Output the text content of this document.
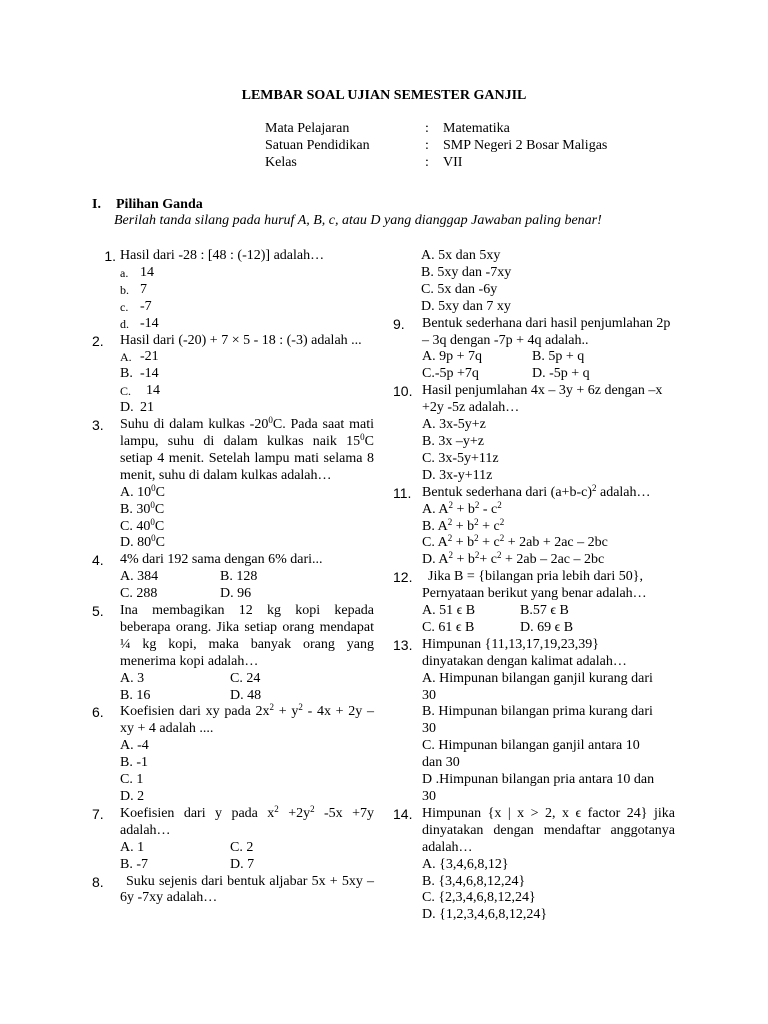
LEMBAR SOAL UJIAN SEMESTER GANJIL
Mata Pelajaran	: Matematika
Satuan Pendidikan	: SMP Negeri 2 Bosar Maligas
Kelas	: VII
I. Pilihan Ganda
Berilah tanda silang pada huruf A, B, c, atau D yang dianggap Jawaban paling benar!
1. Hasil dari -28 : [48 : (-12)] adalah…
a. 14
b. 7
c. -7
d. -14
2.	Hasil dari (-20) + 7 × 5 - 18 : (-3) adalah ...
A. -21
B. -14
C.	14
D. 21
3.	Suhu di dalam kulkas $-20^0C$. Pada saat mati lampu, suhu di dalam kulkas naik $15^0C$ setiap 4 menit. Setelah lampu mati selama 8 menit, suhu di dalam kulkas adalah…
A. $10^0C$
B. $30^0C$
C. $40^0C$
D. $80^0C$
4.	4% dari 192 sama dengan 6% dari...
A. 384	B. 128
C. 288	D. 96
5.	Ina membagikan 12 kg kopi kepada beberapa orang. Jika setiap orang mendapat ¼ kg kopi, maka banyak orang yang menerima kopi adalah…
A. 3	C. 24
B. 16	D. 48
6.	Koefisien dari xy pada $2x^2 + y^2 - 4x + 2y$ – xy + 4 adalah ....
A. -4
B. -1
C. 1
D. 2
7.	Koefisien dari y pada $x^2 +2y^2$ -5x +7y adalah…
A. 1	C. 2
B. -7	D. 7
8.	Suku sejenis dari bentuk aljabar 5x + 5xy – 6y -7xy adalah…
A. 5x dan 5xy
B. 5xy dan -7xy
C. 5x dan -6y
D. 5xy dan 7 xy
9.	Bentuk sederhana dari hasil penjumlahan 2p – 3q dengan -7p + 4q adalah..
A. 9p + 7q	B. 5p + q
C.-5p +7q	D. -5p + q
10. Hasil penjumlahan 4x – 3y + 6z dengan –x +2y -5z adalah…
A. 3x-5y+z
B. 3x –y+z
C. 3x-5y+11z
D. 3x-y+11z
11. Bentuk sederhana dari $(a+b-c)^2$ adalah…
A. $A^2 + b^2 - c^2$
B. $A^2 + b^2 + c^2$
C. $A^2 + b^2 + c^2 + 2ab + 2ac - 2bc$
D. $A^2 + b^2+ c^2 + 2ab - 2ac - 2bc$
12.	Jika B = {bilangan pria lebih dari 50}, Pernyataan berikut yang benar adalah…
A. 51 ϵ B	B.57 ϵ B
C. 61 ϵ B	D. 69 ϵ B
13. Himpunan {11,13,17,19,23,39} dinyatakan dengan kalimat adalah…
A. Himpunan bilangan ganjil kurang dari 30
B. Himpunan bilangan prima kurang dari 30
C. Himpunan bilangan ganjil antara 10 dan 30
D .Himpunan bilangan pria antara 10 dan 30
14. Himpunan {x | x > 2, x ϵ factor 24} jika dinyatakan dengan mendaftar anggotanya adalah…
A. {3,4,6,8,12}
B. {3,4,6,8,12,24}
C. {2,3,4,6,8,12,24}
D. {1,2,3,4,6,8,12,24}
